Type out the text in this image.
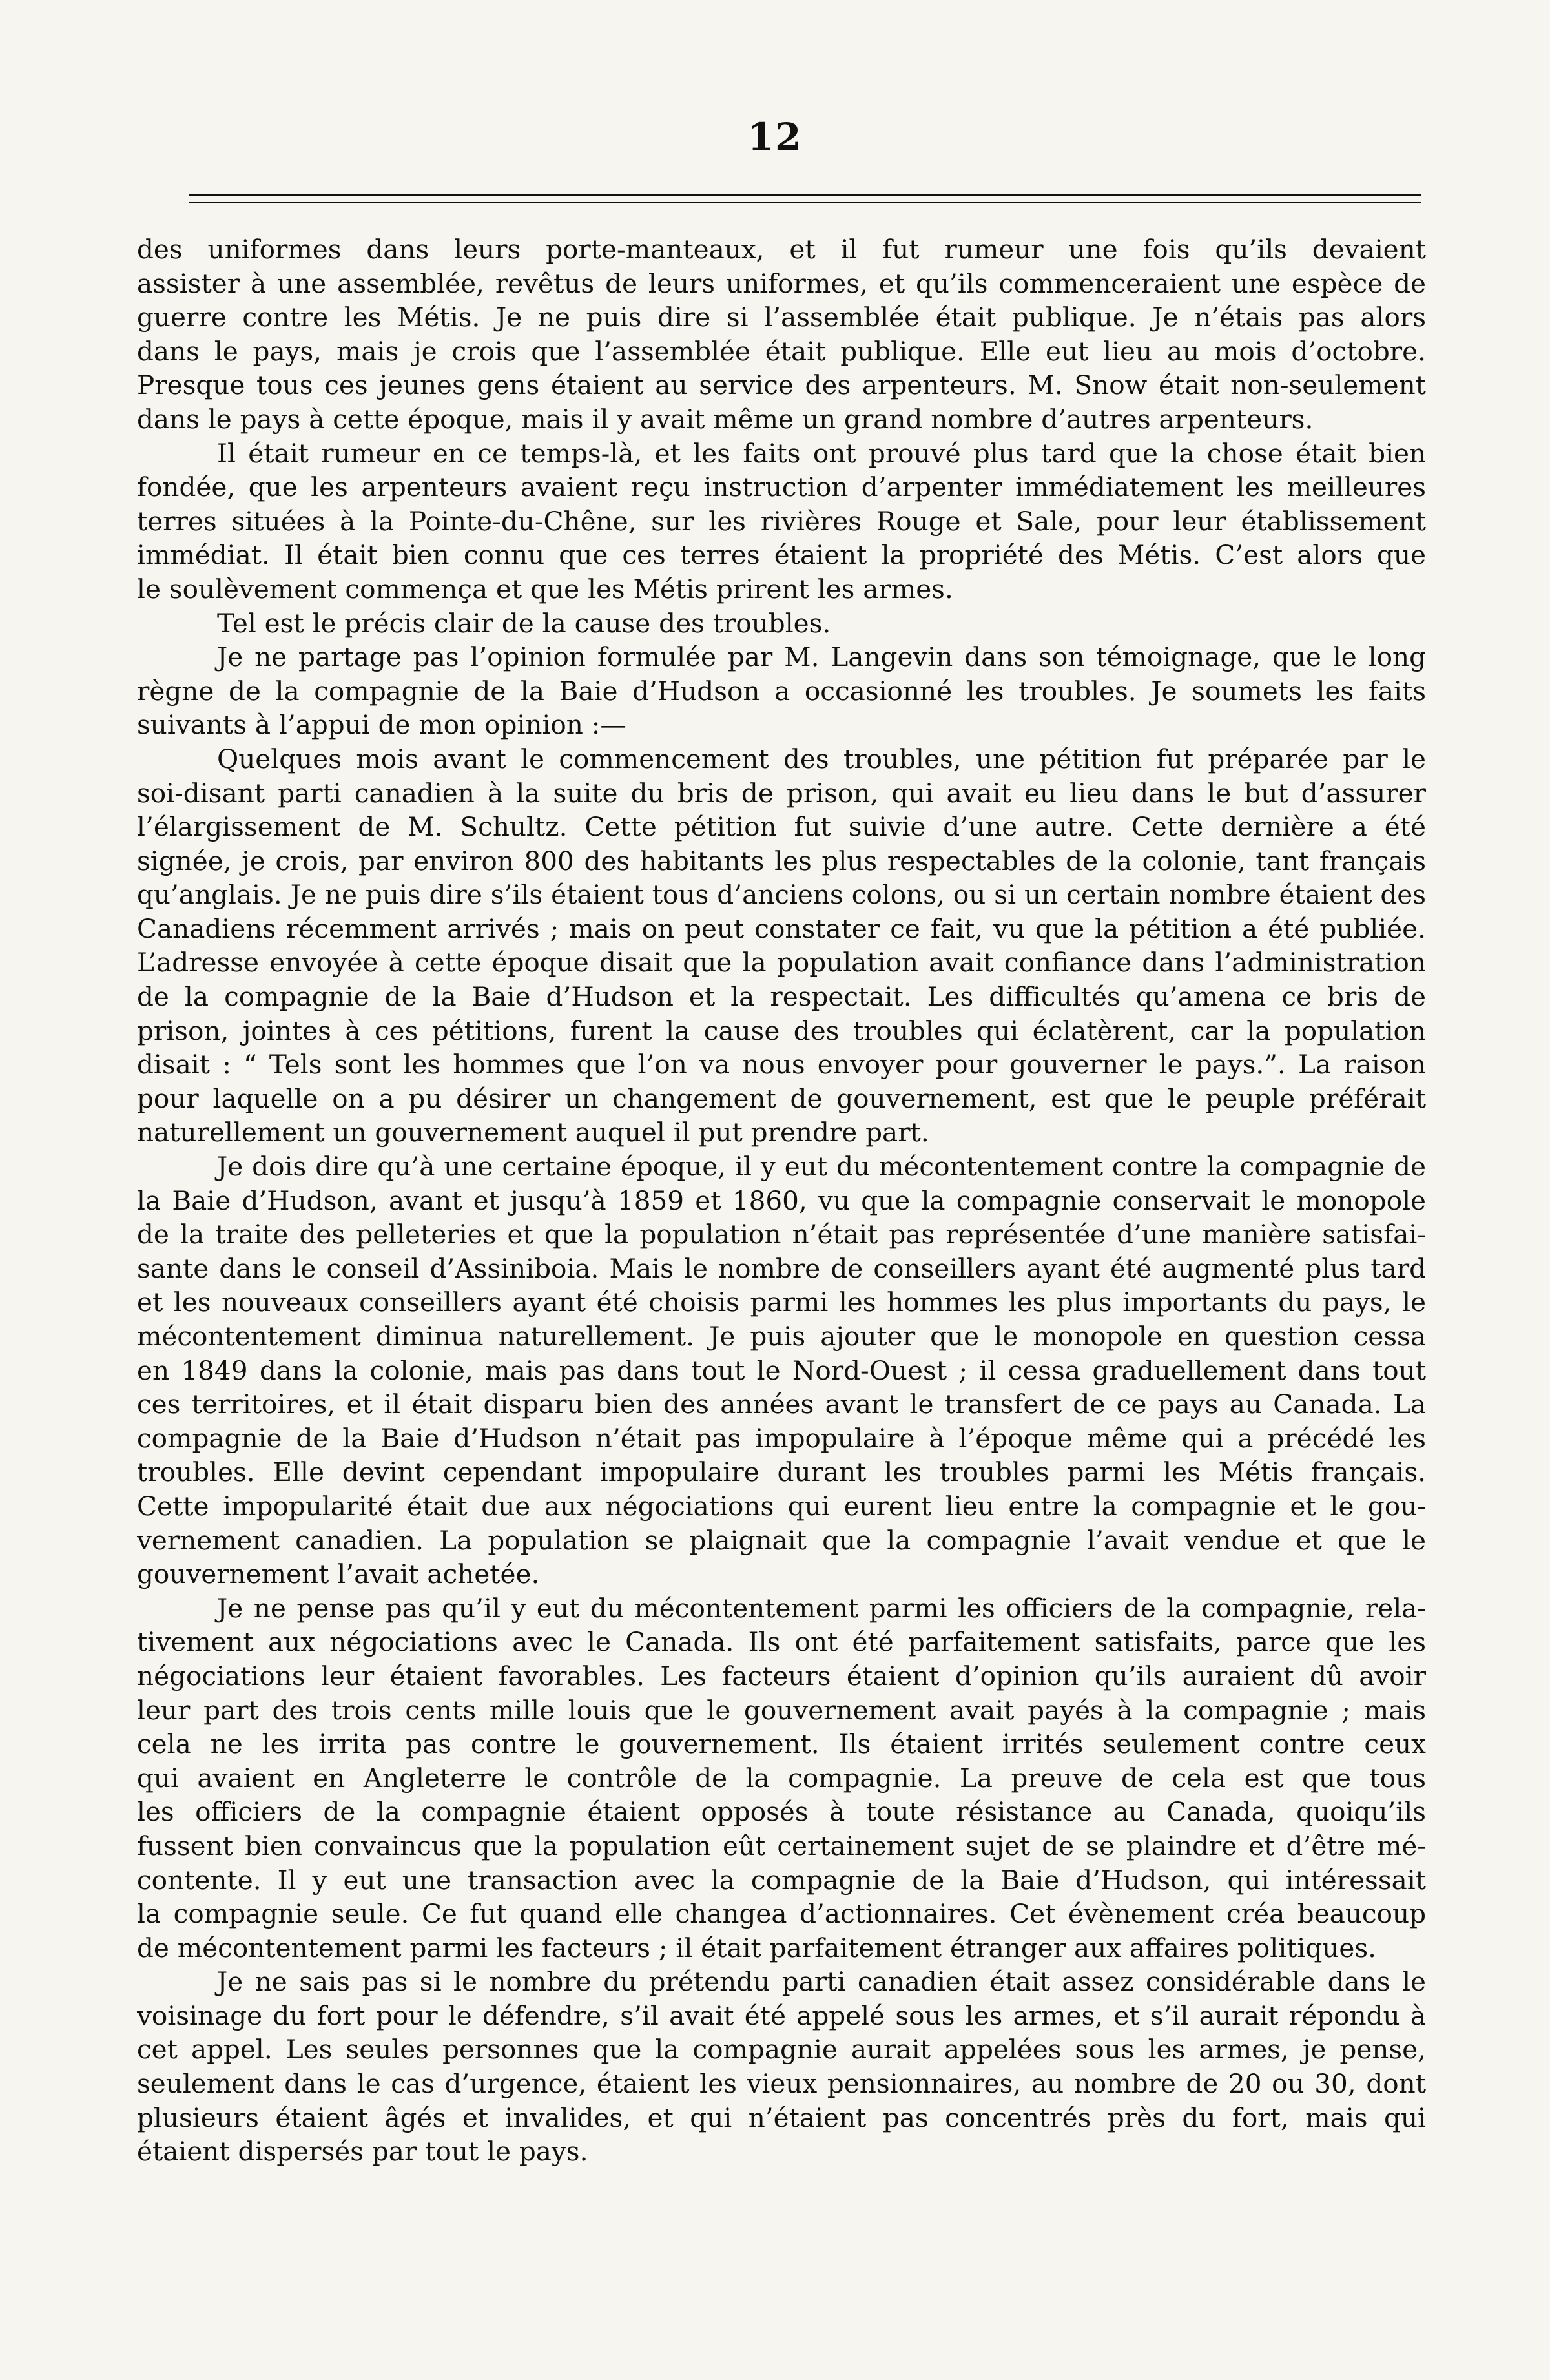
12

des uniformes dans leurs porte-manteaux, et il fut rumeur une fois qu’ils devaient
assister à une assemblée, revêtus de leurs uniformes, et qu’ils commenceraient une espèce de
guerre contre les Métis. Je ne puis dire si l’assemblée était publique. Je n’étais pas alors
dans le pays, mais je crois que l’assemblée était publique. Elle eut lieu au mois d’octobre.
Presque tous ces jeunes gens étaient au service des arpenteurs. M. Snow était non-seulement
dans le pays à cette époque, mais il y avait même un grand nombre d’autres arpenteurs.

Il était rumeur en ce temps-là, et les faits ont prouvé plus tard que la chose était bien
fondée, que les arpenteurs avaient reçu instruction d’arpenter immédiatement les meilleures
terres situées à la Pointe-du-Chêne, sur les rivières Rouge et Sale, pour leur établissement
immédiat. Il était bien connu que ces terres étaient la propriété des Métis. C’est alors que
le soulèvement commença et que les Métis prirent les armes.

Tel est le précis clair de la cause des troubles.

Je ne partage pas l’opinion formulée par M. Langevin dans son témoignage, que le long
règne de la compagnie de la Baie d’Hudson a occasionné les troubles. Je soumets les faits
suivants à l’appui de mon opinion :—

Quelques mois avant le commencement des troubles, une pétition fut préparée par le
soi-disant parti canadien à la suite du bris de prison, qui avait eu lieu dans le but d’assurer
l’élargissement de M. Schultz. Cette pétition fut suivie d’une autre. Cette dernière a été
signée, je crois, par environ 800 des habitants les plus respectables de la colonie, tant français
qu’anglais. Je ne puis dire s’ils étaient tous d’anciens colons, ou si un certain nombre étaient des
Canadiens récemment arrivés ; mais on peut constater ce fait, vu que la pétition a été publiée.
L’adresse envoyée à cette époque disait que la population avait confiance dans l’administration
de la compagnie de la Baie d’Hudson et la respectait. Les difficultés qu’amena ce bris de
prison, jointes à ces pétitions, furent la cause des troubles qui éclatèrent, car la population
disait : “ Tels sont les hommes que l’on va nous envoyer pour gouverner le pays.”. La raison
pour laquelle on a pu désirer un changement de gouvernement, est que le peuple préférait
naturellement un gouvernement auquel il put prendre part.

Je dois dire qu’à une certaine époque, il y eut du mécontentement contre la compagnie de
la Baie d’Hudson, avant et jusqu’à 1859 et 1860, vu que la compagnie conservait le monopole
de la traite des pelleteries et que la population n’était pas représentée d’une manière satisfai-
sante dans le conseil d’Assiniboia. Mais le nombre de conseillers ayant été augmenté plus tard
et les nouveaux conseillers ayant été choisis parmi les hommes les plus importants du pays, le
mécontentement diminua naturellement. Je puis ajouter que le monopole en question cessa
en 1849 dans la colonie, mais pas dans tout le Nord-Ouest ; il cessa graduellement dans tout
ces territoires, et il était disparu bien des années avant le transfert de ce pays au Canada. La
compagnie de la Baie d’Hudson n’était pas impopulaire à l’époque même qui a précédé les
troubles. Elle devint cependant impopulaire durant les troubles parmi les Métis français.
Cette impopularité était due aux négociations qui eurent lieu entre la compagnie et le gou-
vernement canadien. La population se plaignait que la compagnie l’avait vendue et que le
gouvernement l’avait achetée.

Je ne pense pas qu’il y eut du mécontentement parmi les officiers de la compagnie, rela-
tivement aux négociations avec le Canada. Ils ont été parfaitement satisfaits, parce que les
négociations leur étaient favorables. Les facteurs étaient d’opinion qu’ils auraient dû avoir
leur part des trois cents mille louis que le gouvernement avait payés à la compagnie ; mais
cela ne les irrita pas contre le gouvernement. Ils étaient irrités seulement contre ceux
qui avaient en Angleterre le contrôle de la compagnie. La preuve de cela est que tous
les officiers de la compagnie étaient opposés à toute résistance au Canada, quoiqu’ils
fussent bien convaincus que la population eût certainement sujet de se plaindre et d’être mé-
contente. Il y eut une transaction avec la compagnie de la Baie d’Hudson, qui intéressait
la compagnie seule. Ce fut quand elle changea d’actionnaires. Cet évènement créa beaucoup
de mécontentement parmi les facteurs ; il était parfaitement étranger aux affaires politiques.

Je ne sais pas si le nombre du prétendu parti canadien était assez considérable dans le
voisinage du fort pour le défendre, s’il avait été appelé sous les armes, et s’il aurait répondu à
cet appel. Les seules personnes que la compagnie aurait appelées sous les armes, je pense,
seulement dans le cas d’urgence, étaient les vieux pensionnaires, au nombre de 20 ou 30, dont
plusieurs étaient âgés et invalides, et qui n’étaient pas concentrés près du fort, mais qui
étaient dispersés par tout le pays.
